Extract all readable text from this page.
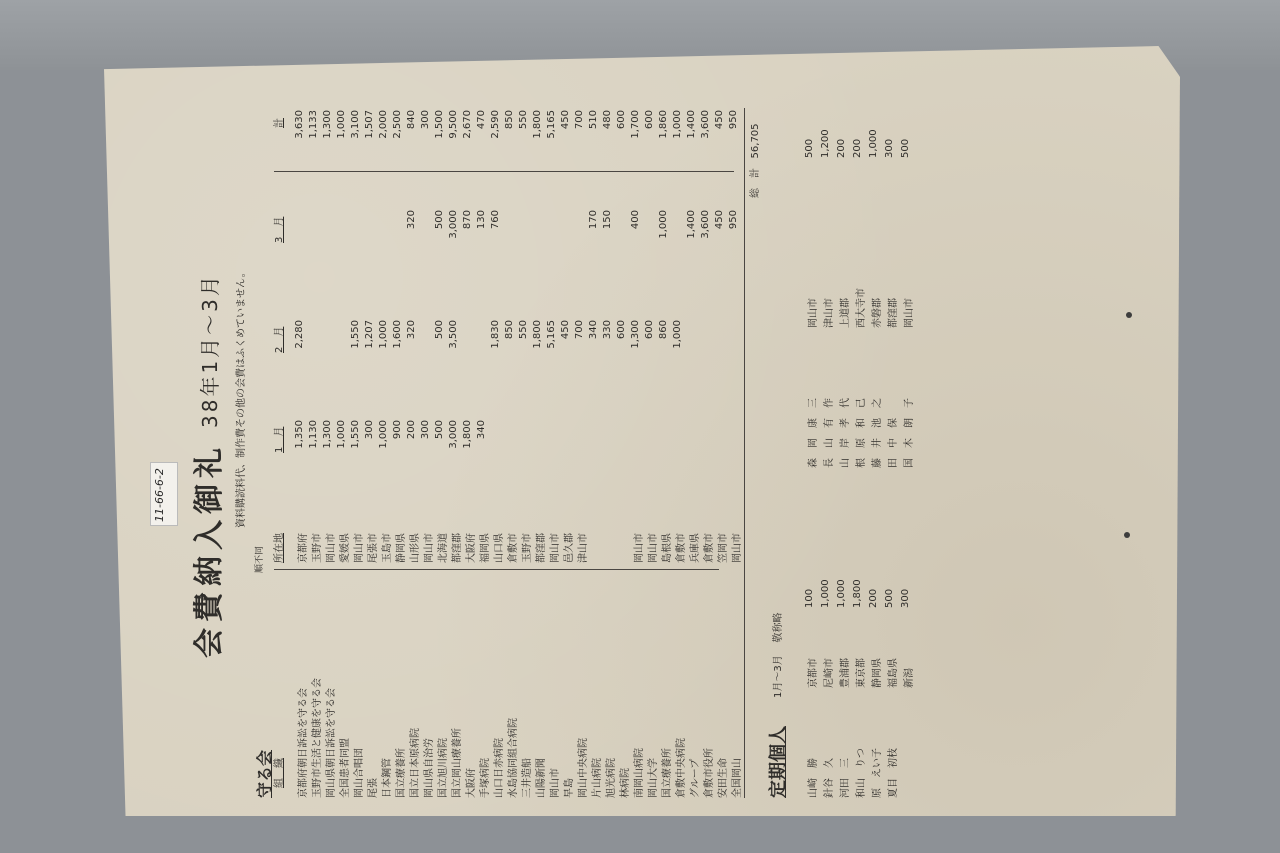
11-66-6-2 会費納入御礼
38年1月～3月	資料購読料代、制作費その他の会費はふくめていません。
守る会
順不同
組　織
所在地
1　月
2　月
3　月
計
京都府朝日訴訟を守る会
京都府
1,350
2,280
3,630
玉野市生活と健康を守る会
玉野市
1,130
1,133
岡山県朝日訴訟を守る会
岡山市
1,300
1,300
全国患者同盟
愛媛県
1,000
1,000
岡山合唱団
岡山市
1,550
1,550
3,100
尾張
尾張市
300
1,207
1,507
日本鋼管
玉島市
1,000
1,000
2,000
国立療養所
静岡県
900
1,600
2,500
国立日本原病院
山形県
200
320
320
840
岡山県自治労
岡山市
300
300
国立旭川病院
北海道
500
500
500
1,500
国立岡山療養所
都窪郡
3,000
3,500
3,000
9,500
大阪府
大阪府
1,800
870
2,670
手塚病院
福岡県
340
130
470
山口日赤病院
山口県
1,830
760
2,590
水島協同組合病院
倉敷市
850
850
三井造船
玉野市
550
550
山陽新聞
都窪郡
1,800
1,800
岡山市
岡山市
5,165
5,165
早島
邑久郡
450
450
岡山中央病院
津山市
700
700
片山病院
340
170
510
旭光病院
330
150
480
林病院
600
600
南岡山病院
岡山市
1,300
400
1,700
岡山大学
岡山市
600
600
国立療養所
島根県
860
1,000
1,860
倉敷中央病院
倉敷市
1,000
1,000
グループ
兵庫県
1,400
1,400
倉敷市役所
倉敷市
3,600
3,600
安田生命
笠岡市
450
450
全国岡山
岡山市
950
950
総　計   56,705
定期個人
1月～3月    敬称略
山崎　勝
京都市
100
森　岡　康　三
岡山市
500
針谷　久
尼崎市
1,000
長　山　有　作
津山市
1,200
河田　三
豊浦郡
1,000
山　岸　孝　代
上道郡
200
和山　りつ
東京都
1,800
根　原　和　己
西大寺市
200
原　えい子
静岡県
200
藤　井　池　之
赤磐郡
1,000
夏目　初枝
福島県
500
田　中　保
都窪郡
300
新潟
300
国　木　朗　子
岡山市
500
